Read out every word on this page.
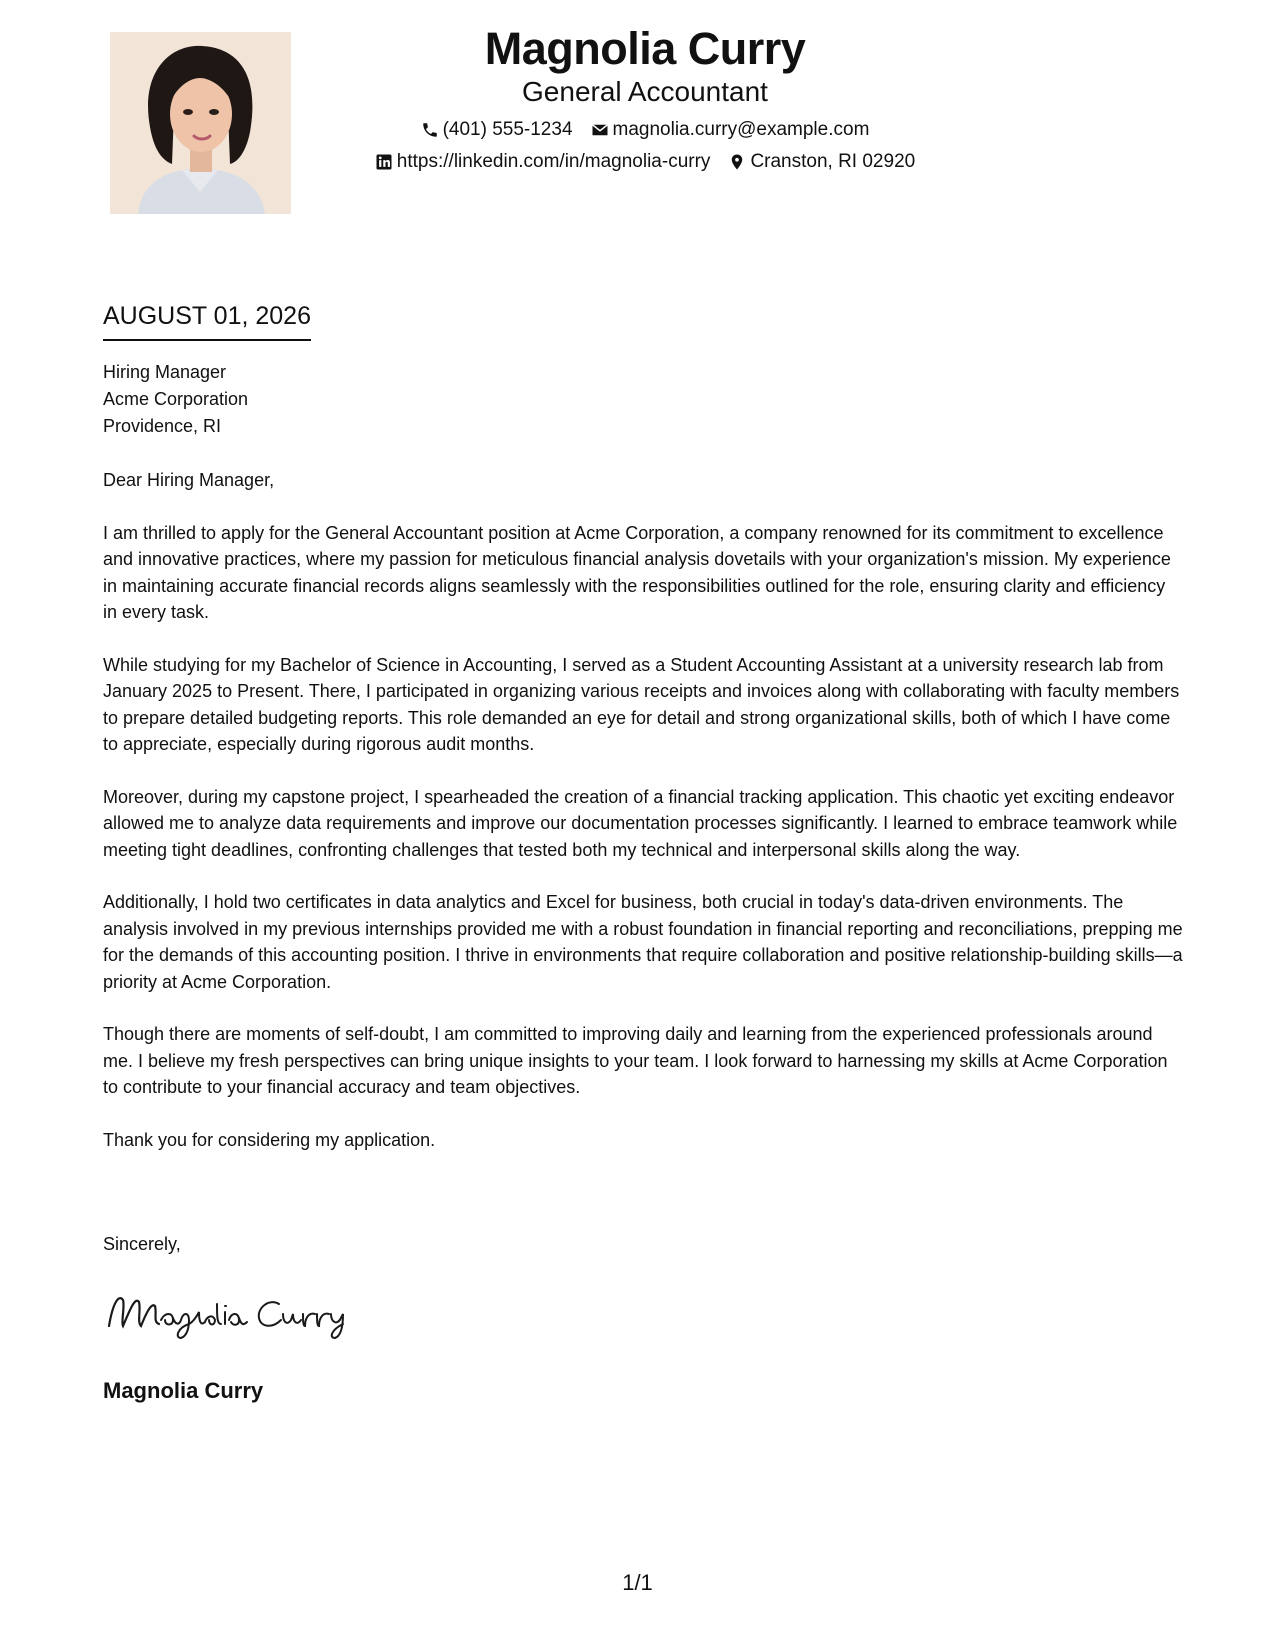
Magnolia Curry
General Accountant
(401) 555-1234 magnolia.curry@example.com
https://linkedin.com/in/magnolia-curry Cranston, RI 02920
AUGUST 01, 2026
Hiring Manager
Acme Corporation
Providence, RI

Dear Hiring Manager,

I am thrilled to apply for the General Accountant position at Acme Corporation, a company renowned for its commitment to excellence and innovative practices, where my passion for meticulous financial analysis dovetails with your organization's mission. My experience in maintaining accurate financial records aligns seamlessly with the responsibilities outlined for the role, ensuring clarity and efficiency in every task.

While studying for my Bachelor of Science in Accounting, I served as a Student Accounting Assistant at a university research lab from January 2025 to Present. There, I participated in organizing various receipts and invoices along with collaborating with faculty members to prepare detailed budgeting reports. This role demanded an eye for detail and strong organizational skills, both of which I have come to appreciate, especially during rigorous audit months.

Moreover, during my capstone project, I spearheaded the creation of a financial tracking application. This chaotic yet exciting endeavor allowed me to analyze data requirements and improve our documentation processes significantly. I learned to embrace teamwork while meeting tight deadlines, confronting challenges that tested both my technical and interpersonal skills along the way.

Additionally, I hold two certificates in data analytics and Excel for business, both crucial in today's data-driven environments. The analysis involved in my previous internships provided me with a robust foundation in financial reporting and reconciliations, prepping me for the demands of this accounting position. I thrive in environments that require collaboration and positive relationship-building skills—a priority at Acme Corporation.

Though there are moments of self-doubt, I am committed to improving daily and learning from the experienced professionals around me. I believe my fresh perspectives can bring unique insights to your team. I look forward to harnessing my skills at Acme Corporation to contribute to your financial accuracy and team objectives.

Thank you for considering my application.

Sincerely,
Magnolia Curry
1/1
